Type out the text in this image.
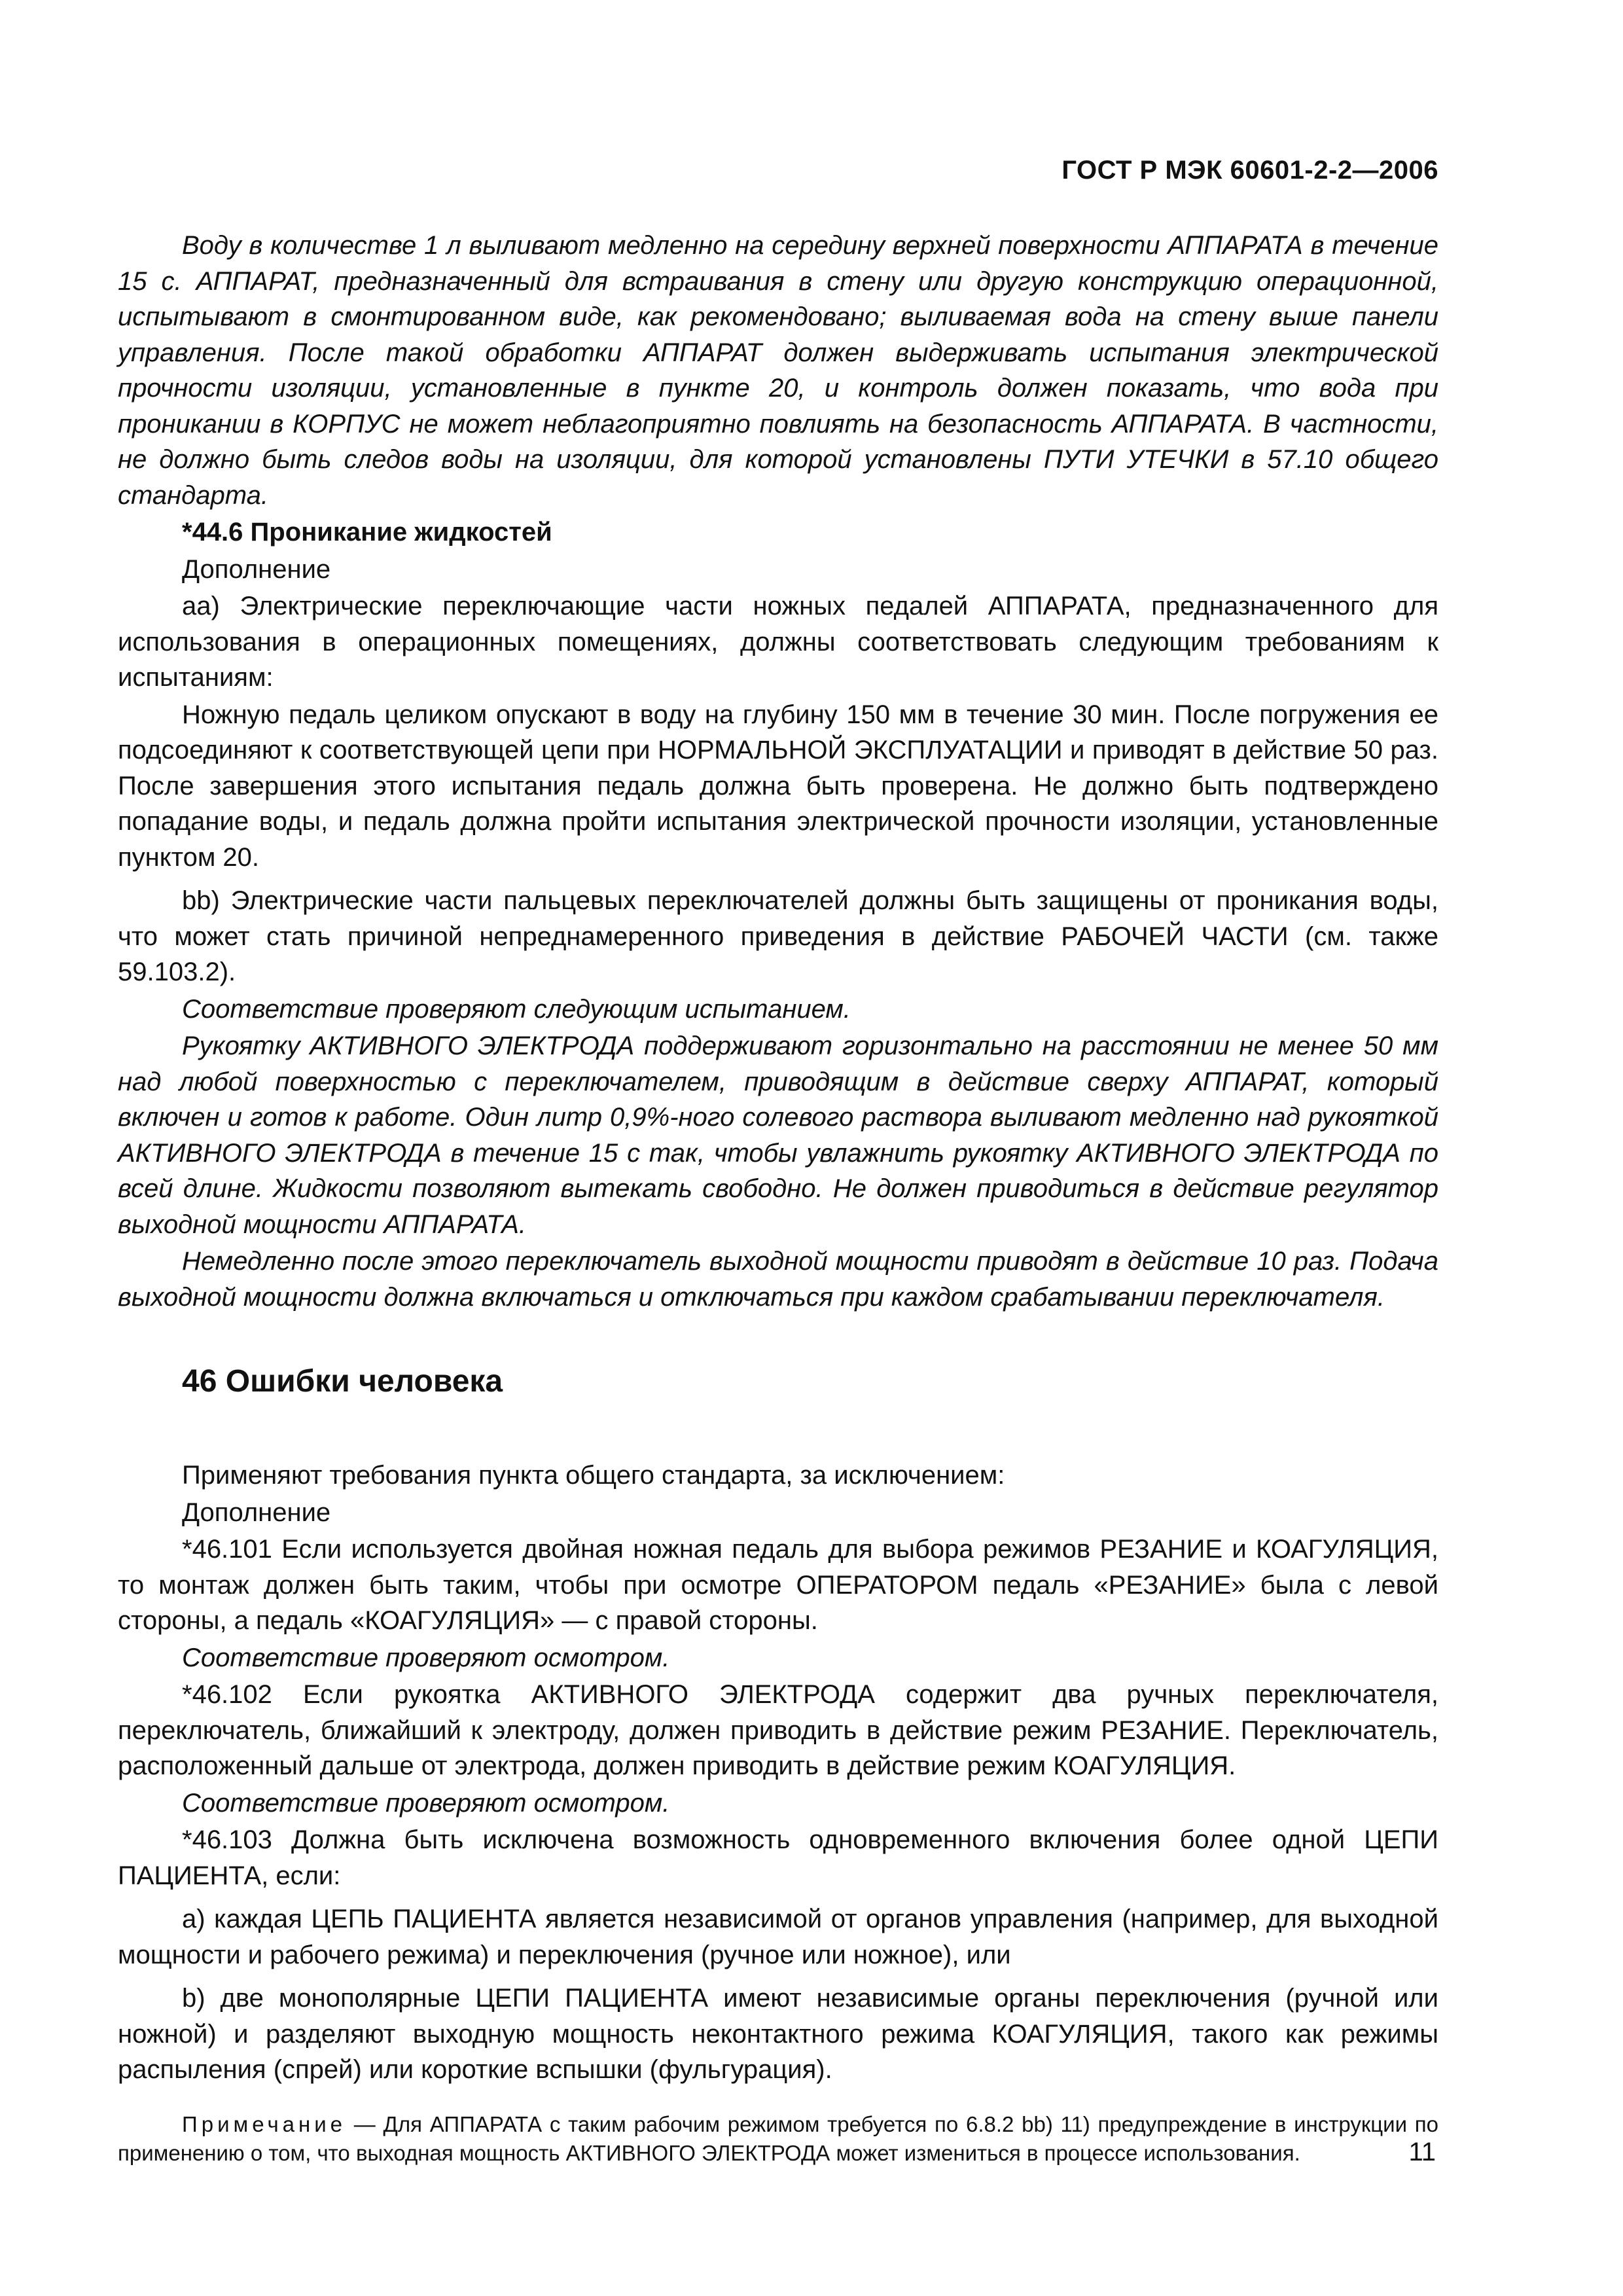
ГОСТ Р МЭК 60601-2-2—2006

Воду в количестве 1 л выливают медленно на середину верхней поверхности АППАРАТА в течение 15 с. АППАРАТ, предназначенный для встраивания в стену или другую конструкцию операционной, испытывают в смонтированном виде, как рекомендовано; выливаемая вода на стену выше панели управления. После такой обработки АППАРАТ должен выдерживать испытания электрической прочности изоляции, установленные в пункте 20, и контроль должен показать, что вода при проникании в КОРПУС не может неблагоприятно повлиять на безопасность АППАРАТА. В частности, не должно быть следов воды на изоляции, для которой установлены ПУТИ УТЕЧКИ в 57.10 общего стандарта.

*44.6 Проникание жидкостей

Дополнение

аа) Электрические переключающие части ножных педалей АППАРАТА, предназначенного для использования в операционных помещениях, должны соответствовать следующим требованиям к испытаниям:

Ножную педаль целиком опускают в воду на глубину 150 мм в течение 30 мин. После погружения ее подсоединяют к соответствующей цепи при НОРМАЛЬНОЙ ЭКСПЛУАТАЦИИ и приводят в действие 50 раз. После завершения этого испытания педаль должна быть проверена. Не должно быть подтверждено попадание воды, и педаль должна пройти испытания электрической прочности изоляции, установленные пунктом 20.

bb) Электрические части пальцевых переключателей должны быть защищены от проникания воды, что может стать причиной непреднамеренного приведения в действие РАБОЧЕЙ ЧАСТИ (см. также 59.103.2).

Соответствие проверяют следующим испытанием.

Рукоятку АКТИВНОГО ЭЛЕКТРОДА поддерживают горизонтально на расстоянии не менее 50 мм над любой поверхностью с переключателем, приводящим в действие сверху АППАРАТ, который включен и готов к работе. Один литр 0,9%-ного солевого раствора выливают медленно над рукояткой АКТИВНОГО ЭЛЕКТРОДА в течение 15 с так, чтобы увлажнить рукоятку АКТИВНОГО ЭЛЕКТРОДА по всей длине. Жидкости позволяют вытекать свободно. Не должен приводиться в действие регулятор выходной мощности АППАРАТА.

Немедленно после этого переключатель выходной мощности приводят в действие 10 раз. Подача выходной мощности должна включаться и отключаться при каждом срабатывании переключателя.

46 Ошибки человека

Применяют требования пункта общего стандарта, за исключением:

Дополнение

*46.101 Если используется двойная ножная педаль для выбора режимов РЕЗАНИЕ и КОАГУЛЯЦИЯ, то монтаж должен быть таким, чтобы при осмотре ОПЕРАТОРОМ педаль «РЕЗАНИЕ» была с левой стороны, а педаль «КОАГУЛЯЦИЯ» — с правой стороны.

Соответствие проверяют осмотром.

*46.102 Если рукоятка АКТИВНОГО ЭЛЕКТРОДА содержит два ручных переключателя, переключатель, ближайший к электроду, должен приводить в действие режим РЕЗАНИЕ. Переключатель, расположенный дальше от электрода, должен приводить в действие режим КОАГУЛЯЦИЯ.

Соответствие проверяют осмотром.

*46.103 Должна быть исключена возможность одновременного включения более одной ЦЕПИ ПАЦИЕНТА, если:

а) каждая ЦЕПЬ ПАЦИЕНТА является независимой от органов управления (например, для выходной мощности и рабочего режима) и переключения (ручное или ножное), или

b) две монополярные ЦЕПИ ПАЦИЕНТА имеют независимые органы переключения (ручной или ножной) и разделяют выходную мощность неконтактного режима КОАГУЛЯЦИЯ, такого как режимы распыления (спрей) или короткие вспышки (фульгурация).

Примечание — Для АППАРАТА с таким рабочим режимом требуется по 6.8.2 bb) 11) предупреждение в инструкции по применению о том, что выходная мощность АКТИВНОГО ЭЛЕКТРОДА может измениться в процессе использования.	11
